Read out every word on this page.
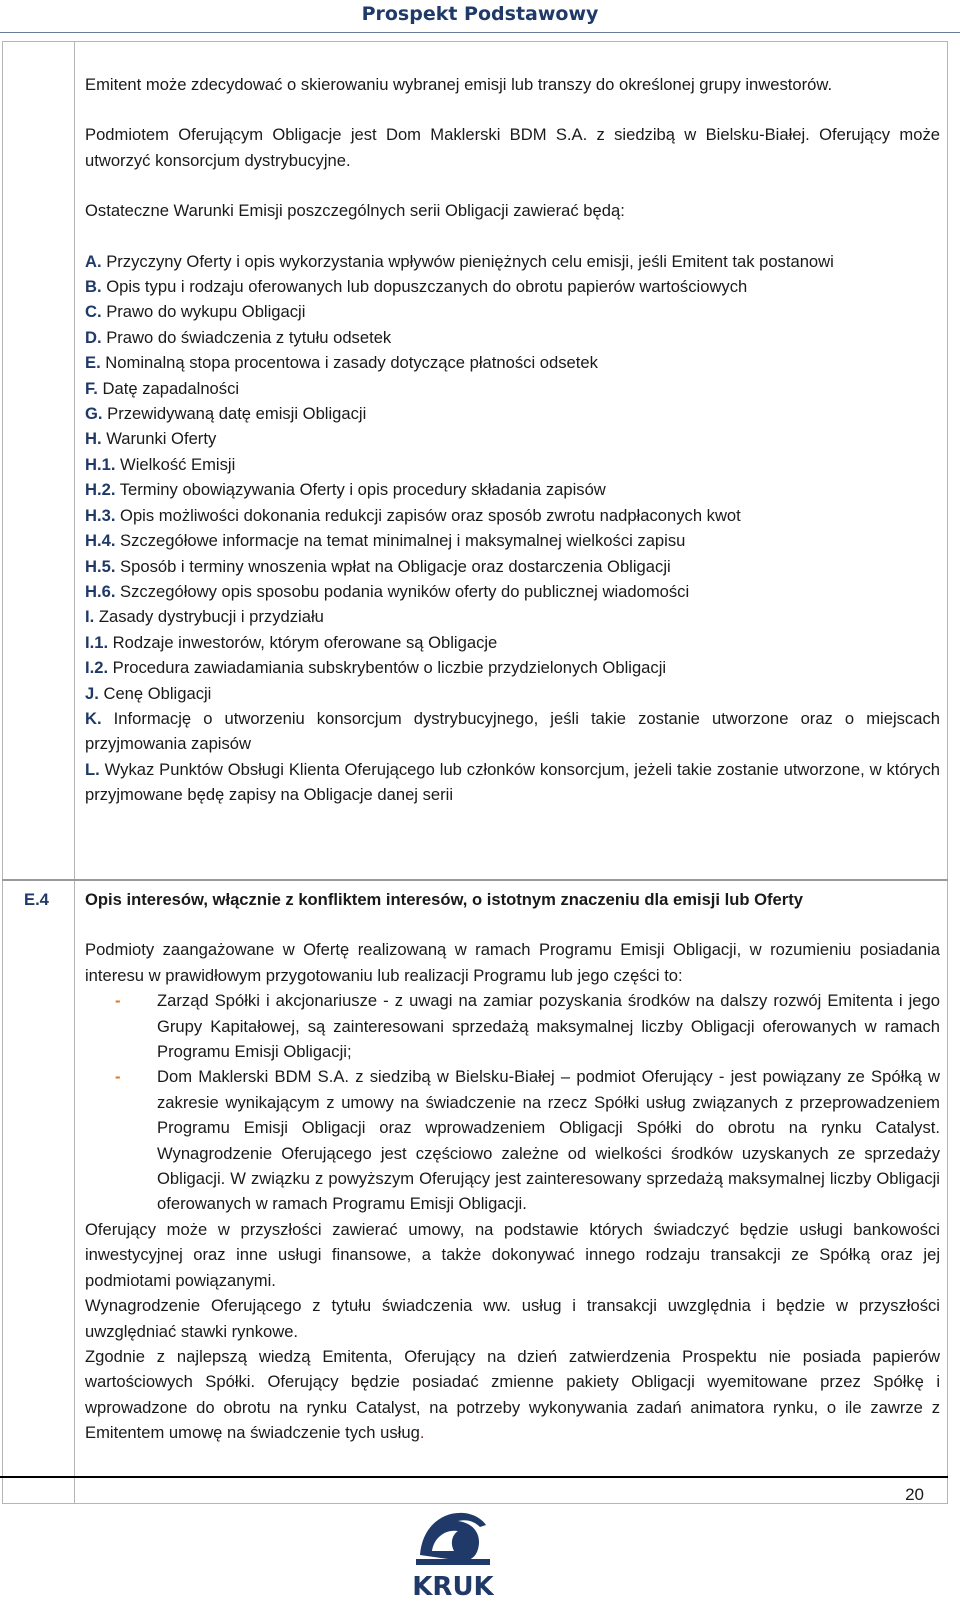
Prospekt Podstawowy

Emitent może zdecydować o skierowaniu wybranej emisji lub transzy do określonej grupy inwestorów.

Podmiotem Oferującym Obligacje jest Dom Maklerski BDM S.A. z siedzibą w Bielsku-Białej. Oferujący może utworzyć konsorcjum dystrybucyjne.

Ostateczne Warunki Emisji poszczególnych serii Obligacji zawierać będą:

A. Przyczyny Oferty i opis wykorzystania wpływów pieniężnych celu emisji, jeśli Emitent tak postanowi
B. Opis typu i rodzaju oferowanych lub dopuszczanych do obrotu papierów wartościowych
C. Prawo do wykupu Obligacji
D. Prawo do świadczenia z tytułu odsetek
E. Nominalną stopa procentowa i zasady dotyczące płatności odsetek
F. Datę zapadalności
G. Przewidywaną datę emisji Obligacji
H. Warunki Oferty
H.1. Wielkość Emisji
H.2. Terminy obowiązywania Oferty i opis procedury składania zapisów
H.3. Opis możliwości dokonania redukcji zapisów oraz sposób zwrotu nadpłaconych kwot
H.4. Szczegółowe informacje na temat minimalnej i maksymalnej wielkości zapisu
H.5. Sposób i terminy wnoszenia wpłat na Obligacje oraz dostarczenia Obligacji
H.6. Szczegółowy opis sposobu podania wyników oferty do publicznej wiadomości
I. Zasady dystrybucji i przydziału
I.1. Rodzaje inwestorów, którym oferowane są Obligacje
I.2. Procedura zawiadamiania subskrybentów o liczbie przydzielonych Obligacji
J. Cenę Obligacji
K. Informację o utworzeniu konsorcjum dystrybucyjnego, jeśli takie zostanie utworzone oraz o miejscach przyjmowania zapisów
L. Wykaz Punktów Obsługi Klienta Oferującego lub członków konsorcjum, jeżeli takie zostanie utworzone, w których przyjmowane będę zapisy na Obligacje danej serii
E.4 Opis interesów, włącznie z konfliktem interesów, o istotnym znaczeniu dla emisji lub Oferty

Podmioty zaangażowane w Ofertę realizowaną w ramach Programu Emisji Obligacji, w rozumieniu posiadania interesu w prawidłowym przygotowaniu lub realizacji Programu lub jego części to:

- Zarząd Spółki i akcjonariusze - z uwagi na zamiar pozyskania środków na dalszy rozwój Emitenta i jego Grupy Kapitałowej, są zainteresowani sprzedażą maksymalnej liczby Obligacji oferowanych w ramach Programu Emisji Obligacji;
- Dom Maklerski BDM S.A. z siedzibą w Bielsku-Białej – podmiot Oferujący - jest powiązany ze Spółką w zakresie wynikającym z umowy na świadczenie na rzecz Spółki usług związanych z przeprowadzeniem Programu Emisji Obligacji oraz wprowadzeniem Obligacji Spółki do obrotu na rynku Catalyst. Wynagrodzenie Oferującego jest częściowo zależne od wielkości środków uzyskanych ze sprzedaży Obligacji. W związku z powyższym Oferujący jest zainteresowany sprzedażą maksymalnej liczby Obligacji oferowanych w ramach Programu Emisji Obligacji.

Oferujący może w przyszłości zawierać umowy, na podstawie których świadczyć będzie usługi bankowości inwestycyjnej oraz inne usługi finansowe, a także dokonywać innego rodzaju transakcji ze Spółką oraz jej podmiotami powiązanymi.

Wynagrodzenie Oferującego z tytułu świadczenia ww. usług i transakcji uwzględnia i będzie w przyszłości uwzględniać stawki rynkowe.

Zgodnie z najlepszą wiedzą Emitenta, Oferujący na dzień zatwierdzenia Prospektu nie posiada papierów wartościowych Spółki. Oferujący będzie posiadać zmienne pakiety Obligacji wyemitowane przez Spółkę i wprowadzone do obrotu na rynku Catalyst, na potrzeby wykonywania zadań animatora rynku, o ile zawrze z Emitentem umowę na świadczenie tych usług.

20
KRUK
